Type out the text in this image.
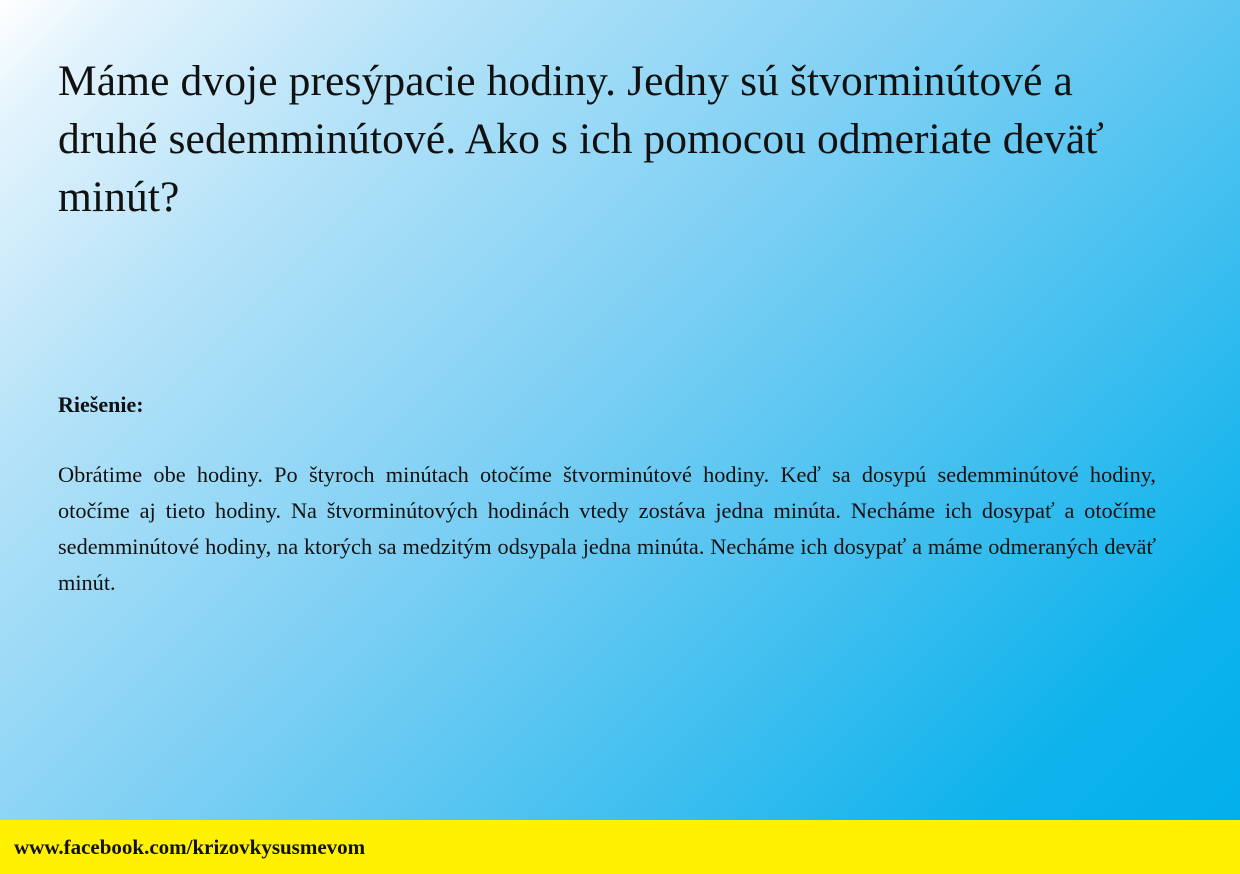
Máme dvoje presýpacie hodiny. Jedny sú štvorminútové a druhé sedemminútové. Ako s ich pomocou odmeriate deväť minút?

Riešenie:

Obrátime obe hodiny. Po štyroch minútach otočíme štvorminútové hodiny. Keď sa dosypú sedemminútové hodiny, otočíme aj tieto hodiny. Na štvorminútových hodinách vtedy zostáva jedna minúta. Necháme ich dosypať a otočíme sedemminútové hodiny, na ktorých sa medzitým odsypala jedna minúta. Necháme ich dosypať a máme odmeraných deväť minút.

www.facebook.com/krizovkysusmevom
